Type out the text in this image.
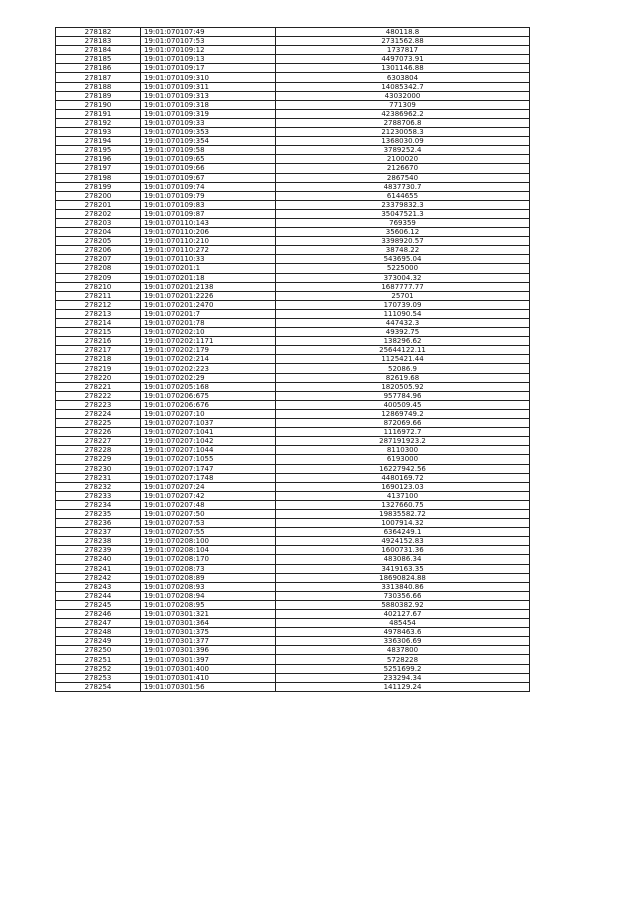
278182	19:01:070107:49	480118.8
278183	19:01:070107:53	2731562.88
278184	19:01:070109:12	1737817
278185	19:01:070109:13	4497073.91
278186	19:01:070109:17	1301146.88
278187	19:01:070109:310	6303804
278188	19:01:070109:311	14085342.7
278189	19:01:070109:313	43032000
278190	19:01:070109:318	771309
278191	19:01:070109:319	42386962.2
278192	19:01:070109:33	2788706.8
278193	19:01:070109:353	21230058.3
278194	19:01:070109:354	1368030.09
278195	19:01:070109:58	3789252.4
278196	19:01:070109:65	2100020
278197	19:01:070109:66	2126670
278198	19:01:070109:67	2867540
278199	19:01:070109:74	4837730.7
278200	19:01:070109:79	6144655
278201	19:01:070109:83	23379832.3
278202	19:01:070109:87	35047521.3
278203	19:01:070110:143	769359
278204	19:01:070110:206	35606.12
278205	19:01:070110:210	3398920.57
278206	19:01:070110:272	38748.22
278207	19:01:070110:33	543695.04
278208	19:01:070201:1	5225000
278209	19:01:070201:18	373004.32
278210	19:01:070201:2138	1687777.77
278211	19:01:070201:2226	25701
278212	19:01:070201:2470	170739.09
278213	19:01:070201:7	111090.54
278214	19:01:070201:78	447432.3
278215	19:01:070202:10	49392.75
278216	19:01:070202:1171	138296.62
278217	19:01:070202:179	25644122.11
278218	19:01:070202:214	1125421.44
278219	19:01:070202:223	52086.9
278220	19:01:070202:29	82619.68
278221	19:01:070205:168	1820505.92
278222	19:01:070206:675	957784.96
278223	19:01:070206:676	400509.45
278224	19:01:070207:10	12869749.2
278225	19:01:070207:1037	872069.66
278226	19:01:070207:1041	1116972.7
278227	19:01:070207:1042	287191923.2
278228	19:01:070207:1044	8110300
278229	19:01:070207:1055	6193000
278230	19:01:070207:1747	16227942.56
278231	19:01:070207:1748	4480169.72
278232	19:01:070207:24	1690123.03
278233	19:01:070207:42	4137100
278234	19:01:070207:48	1327660.75
278235	19:01:070207:50	19835582.72
278236	19:01:070207:53	1007914.32
278237	19:01:070207:55	6364249.1
278238	19:01:070208:100	4924152.83
278239	19:01:070208:104	1600731.36
278240	19:01:070208:170	483086.34
278241	19:01:070208:73	3419163.35
278242	19:01:070208:89	18690824.88
278243	19:01:070208:93	3313840.86
278244	19:01:070208:94	730356.66
278245	19:01:070208:95	5880382.92
278246	19:01:070301:321	402127.67
278247	19:01:070301:364	485454
278248	19:01:070301:375	4978463.6
278249	19:01:070301:377	336306.69
278250	19:01:070301:396	4837800
278251	19:01:070301:397	5728228
278252	19:01:070301:400	5251699.2
278253	19:01:070301:410	233294.34
278254	19:01:070301:56	141129.24
